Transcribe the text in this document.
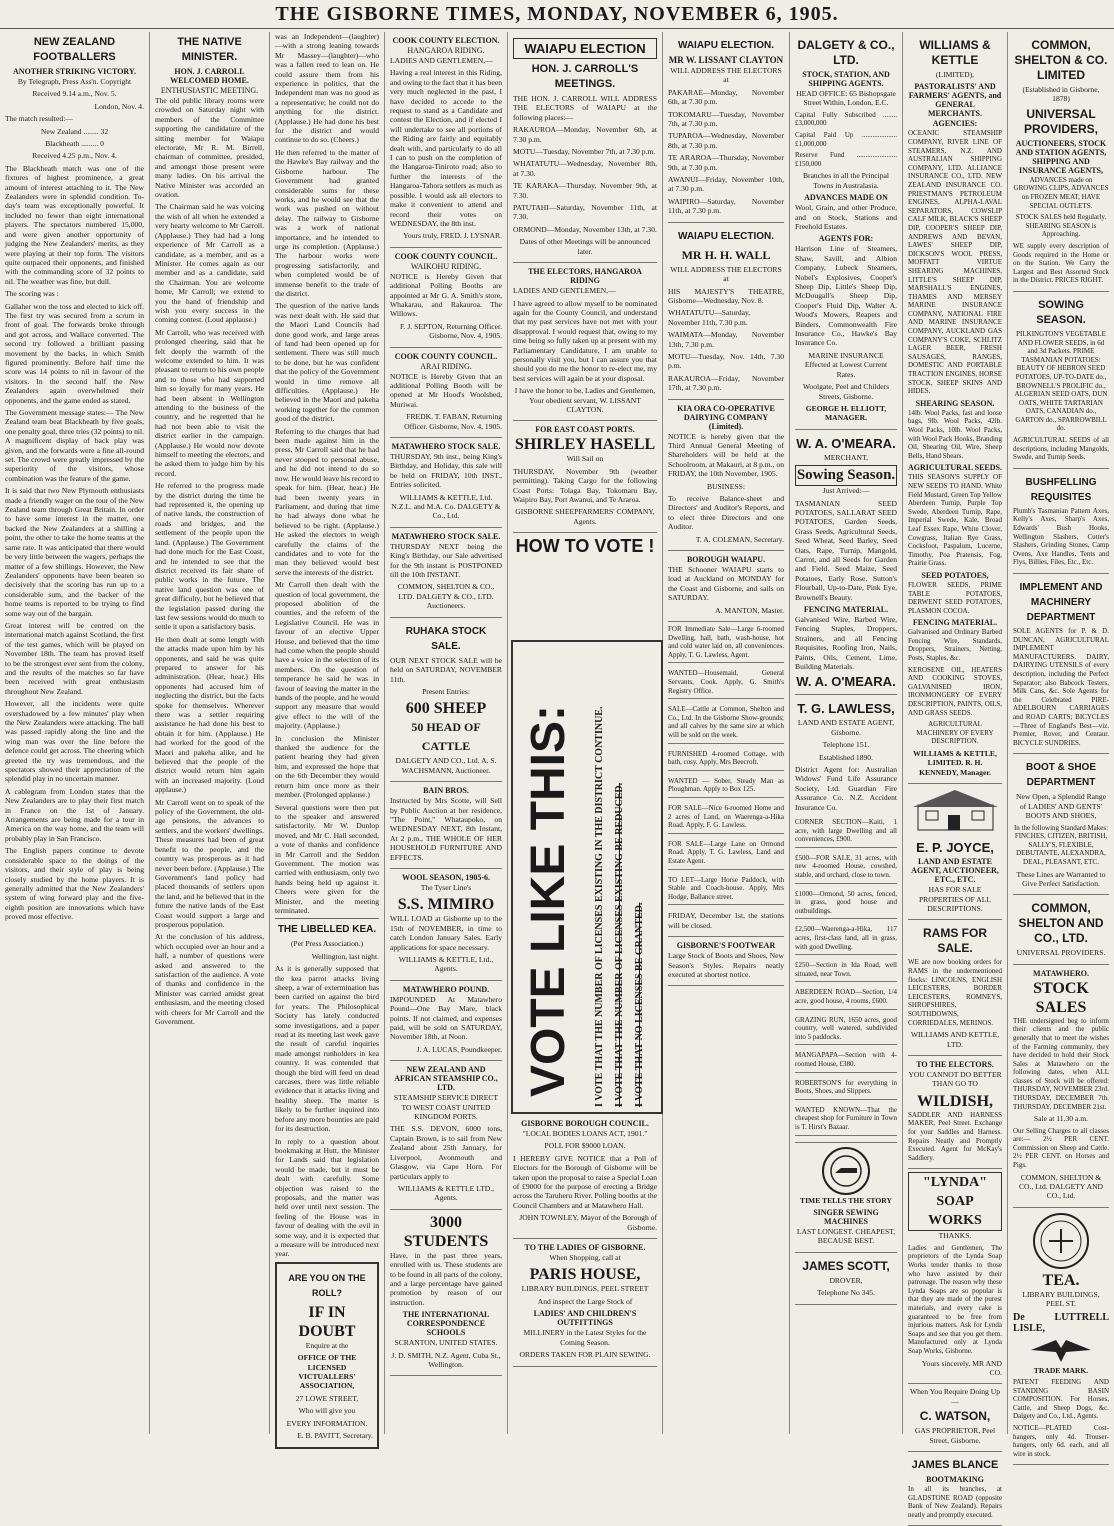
THE GISBORNE TIMES, MONDAY, NOVEMBER 6, 1905.
NEW ZEALAND FOOTBALLERS
ANOTHER STRIKING VICTORY.
By Telegraph, Press Ass'n. Copyright
Received 9.14 a.m., Nov. 5.
London, Nov. 4.
The match resulted:—
New Zealand ........ 32
Blackheath ......... 0
Received 4.25 p.m., Nov. 4.

The Blackheath match was one of the fixtures of highest prominence, a great amount of interest attaching to it. The New Zealanders were in splendid condition. To-day's team was exceptionally powerful. It included no fewer than eight international players. The spectators numbered 15,000, and were given another opportunity of judging the New Zealanders' merits, as they were playing at their top form. The visitors quite outpaced their opponents, and finished with the commanding score of 32 points to nil. The weather was fine, but dull.

The scoring was :

Gallaher won the toss and elected to kick off. The first try was secured from a scrum in front of goal. The forwards broke through and got across, and Wallace converted. The second try followed a brilliant passing movement by the backs, in which Smith figured prominently. Before half time the score was 14 points to nil in favour of the visitors. In the second half the New Zealanders again overwhelmed their opponents, and the game ended as stated.

The Government message states:— The New Zealand team beat Blackheath by five goals, one penalty goal, three tries (32 points) to nil. A magnificent display of back play was given, and the forwards were a fine all-round set. The crowd were greatly impressed by the superiority of the visitors, whose combination was the feature of the game.

It is said that two New Plymouth enthusiasts made a friendly wager on the tour of the New Zealand team through Great Britain. In order to have some interest in the matter, one backed the New Zealanders at a shilling a point, the other to take the home teams at the same rate. It was anticipated that there would be very little between the wagers, perhaps the matter of a few shillings. However, the New Zealanders' opponents have been beaten so decisively that the scoring has run up to a considerable sum, and the backer of the home teams is reported to be trying to find some way out of the bargain.

Great interest will be centred on the international match against Scotland, the first of the test games, which will be played on November 18th. The team has proved itself to be the strongest ever sent from the colony, and the results of the matches so far have been received with great enthusiasm throughout New Zealand.

However, all the incidents were quite overshadowed by a few minutes' play when the New Zealanders were attacking. The ball was passed rapidly along the line and the wing man was over the line before the defence could get across. The cheering which greeted the try was tremendous, and the spectators showed their appreciation of the splendid play in no uncertain manner.

A cablegram from London states that the New Zealanders are to play their first match in France on the 1st of January. Arrangements are being made for a tour in America on the way home, and the team will probably play in San Francisco.

The English papers continue to devote considerable space to the doings of the visitors, and their style of play is being closely studied by the home players. It is generally admitted that the New Zealanders' system of wing forward play and the five-eighth position are innovations which have proved most effective.

THE NATIVE MINISTER.
HON. J. CARROLL WELCOMED HOME.
ENTHUSIASTIC MEETING.

The old public library rooms were crowded on Saturday night with members of the Committee supporting the candidature of the sitting member for Waiapu electorate, Mr R. M. Birrell, chairman of committee, presided, and amongst those present were many ladies. On his arrival the Native Minister was accorded an ovation.

The Chairman said he was voicing the wish of all when he extended a very hearty welcome to Mr Carroll. (Applause.) They had had a long experience of Mr Carroll as a candidate, as a member, and as a Minister. He comes again as our member and as a candidate, said the Chairman. You are welcome home, Mr Carroll; we extend to you the hand of friendship and wish you every success in the coming contest. (Loud applause.)

Mr Carroll, who was received with prolonged cheering, said that he felt deeply the warmth of the welcome extended to him. It was pleasant to return to his own people and to those who had supported him so loyally for many years. He had been absent in Wellington attending to the business of the country, and he regretted that he had not been able to visit the district earlier in the campaign. (Applause.) He would now devote himself to meeting the electors, and he asked them to judge him by his record.

He referred to the progress made by the district during the time he had represented it, the opening up of native lands, the construction of roads and bridges, and the settlement of the people upon the land. (Applause.) The Government had done much for the East Coast, and he intended to see that the district received its fair share of public works in the future. The native land question was one of great difficulty, but he believed that the legislation passed during the last few sessions would do much to settle it upon a satisfactory basis.

He then dealt at some length with the attacks made upon him by his opponents, and said he was quite prepared to answer for his administration. (Hear, hear.) His opponents had accused him of neglecting the district, but the facts spoke for themselves. Wherever there was a settler requiring assistance he had done his best to obtain it for him. (Applause.) He had worked for the good of the Maori and pakeha alike, and he believed that the people of the district would return him again with an increased majority. (Loud applause.)

Mr Carroll went on to speak of the policy of the Government, the old-age pensions, the advances to settlers, and the workers' dwellings. These measures had been of great benefit to the people, and the country was prosperous as it had never been before. (Applause.) The Government's land policy had placed thousands of settlers upon the land, and he believed that in the future the native lands of the East Coast would support a large and prosperous population.

At the conclusion of his address, which occupied over an hour and a half, a number of questions were asked and answered to the satisfaction of the audience. A vote of thanks and confidence in the Minister was carried amidst great enthusiasm, and the meeting closed with cheers for Mr Carroll and the Government.

was an Independent—(laughter)—with a strong leaning towards Mr Massey—(laughter)—who was a fallen reed to lean on. He could assure them from his experience in politics, that the Independent man was no good as a representative; he could not do anything for the district. (Applause.) He had done his best for the district and would continue to do so. (Cheers.)

He then referred to the matter of the Hawke's Bay railway and the Gisborne harbour. The Government had granted considerable sums for these works, and he would see that the work was pushed on without delay. The railway to Gisborne was a work of national importance, and he intended to urge its completion. (Applause.) The harbour works were progressing satisfactorily, and when completed would be of immense benefit to the trade of the district.

The question of the native lands was next dealt with. He said that the Maori Land Councils had done good work, and large areas of land had been opened up for settlement. There was still much to be done, but he was confident that the policy of the Government would in time remove all difficulties. (Applause.) He believed in the Maori and pakeha working together for the common good of the district.

Referring to the charges that had been made against him in the press, Mr Carroll said that he had never stooped to personal abuse, and he did not intend to do so now. He would leave his record to speak for him. (Hear, hear.) He had been twenty years in Parliament, and during that time he had always done what he believed to be right. (Applause.) He asked the electors to weigh carefully the claims of the candidates and to vote for the man they believed would best serve the interests of the district.

Mr Carroll then dealt with the question of local government, the proposed abolition of the counties, and the reform of the Legislative Council. He was in favour of an elective Upper House, and believed that the time had come when the people should have a voice in the selection of its members. On the question of temperance he said he was in favour of leaving the matter in the hands of the people, and he would support any measure that would give effect to the will of the majority. (Applause.)

In conclusion the Minister thanked the audience for the patient hearing they had given him, and expressed the hope that on the 6th December they would return him once more as their member. (Prolonged applause.)

Several questions were then put to the speaker and answered satisfactorily. Mr W. Dunlop moved, and Mr C. Hall seconded, a vote of thanks and confidence in Mr Carroll and the Seddon Government. The motion was carried with enthusiasm, only two hands being held up against it. Cheers were given for the Minister, and the meeting terminated.

THE LIBELLED KEA.
(Per Press Association.)
Wellington, last night.

As it is generally supposed that the kea parrot attacks living sheep, a war of extermination has been carried on against the bird for years. The Philosophical Society has lately conducted some investigations, and a paper read at its meeting last week gave the result of careful inquiries made amongst runholders in kea country. It was contended that though the bird will feed on dead carcases, there was little reliable evidence that it attacks living and healthy sheep. The matter is likely to be further inquired into before any more bounties are paid for its destruction.

In reply to a question about bookmaking at Hutt, the Minister for Lands said that legislation would be made, but it must be dealt with carefully. Some objection was raised to the proposals, and the matter was held over until next session. The feeling of the House was in favour of dealing with the evil in some way, and it is expected that a measure will be introduced next year.

ARE YOU ON THE ROLL?
IF IN DOUBT
Enquire at the
OFFICE OF THE LICENSED VICTUALLERS' ASSOCIATION,
27 LOWE STREET,
Who will give you
EVERY INFORMATION.
E. B. PAVITT, Secretary.
COOK COUNTY ELECTION.
HANGAROA RIDING.
LADIES AND GENTLEMEN,—

Having a real interest in this Riding, and owing to the fact that it has been very much neglected in the past, I have decided to accede to the request to stand as a Candidate and contest the Election, and if elected I will undertake to see all portions of the Riding are fairly and equitably dealt with, and particularly to do all I can to push on the completion of the Hangaroa-Tiniroto road; also to further the interests of the Hangaroa-Tahora settlers as much as possible. I would ask all electors to make it convenient to attend and record their votes on WEDNESDAY, the 8th inst.

Yours truly, FRED. J. LYSNAR.
COOK COUNTY COUNCIL.
WAIKOHU RIDING.

NOTICE is Hereby Given that additional Polling Booths are appointed at Mr G. A. Smith's store, Whakarau, and Rakauroa. The Willows.

F. J. SEPTON, Returning Officer. Gisborne, Nov. 4, 1905.
COOK COUNTY COUNCIL.
ARAI RIDING.

NOTICE is Hereby Given that an additional Polling Booth will be opened at Mr Hood's Woolshed, Muriwai.

FREDK. T. FABAN, Returning Officer. Gisborne, Nov. 4, 1905.
MATAWHERO STOCK SALE.

THURSDAY, 9th inst., being King's Birthday, and Holiday, this sale will be held on FRIDAY, 10th INST., Entries solicited.

WILLIAMS & KETTLE, Ltd. N.Z.L. and M.A. Co. DALGETY & Co., Ltd.
MATAWHERO STOCK SALE.

THURSDAY NEXT being the King's Birthday, our Sale advertised for the 9th instant is POSTPONED till the 10th INSTANT.

COMMON, SHELTON & CO., LTD. DALGETY & CO., LTD. Auctioneers.
RUHAKA STOCK SALE.

OUR NEXT STOCK SALE will be held on SATURDAY, NOVEMBER 11th.

Present Entries:
600 SHEEP
50 HEAD OF CATTLE
DALGETY AND CO., Ltd. A. S. WACHSMANN, Auctioneer.
BAIN BROS.

Instructed by Mrs Scotte, will Sell by Public Auction at her residence, "The Point," Whataupoko, on WEDNESDAY NEXT, 8th Instant, At 2 p.m., THE WHOLE OF HER HOUSEHOLD FURNITURE AND EFFECTS.

WOOL SEASON, 1905-6.
The Tyser Line's
S.S. MIMIRO

WILL LOAD at Gisborne up to the 15th of NOVEMBER, in time to catch London January Sales. Early applications for space necessary.

WILLIAMS & KETTLE, Ltd., Agents.
MATAWHERO POUND.

IMPOUNDED At Matawhero Pound—One Bay Mare, black points. If not claimed, and expenses paid, will be sold on SATURDAY, November 18th, at Noon.

J. A. LUCAS, Poundkeeper.
NEW ZEALAND AND AFRICAN STEAMSHIP CO., LTD.
STEAMSHIP SERVICE DIRECT TO WEST COAST UNITED KINGDOM PORTS.

THE S.S. DEVON, 6000 tons, Captain Brown, is to sail from New Zealand about 25th January, for Liverpool, Avonmouth and Glasgow, via Cape Horn. For particulars apply to

WILLIAMS & KETTLE LTD., Agents.
3000 STUDENTS

Have, in the past three years, enrolled with us. These students are to be found in all parts of the colony, and a large percentage have gained promotion by reason of our instruction.

THE INTERNATIONAL CORRESPONDENCE SCHOOLS
SCRANTON, UNITED STATES.
J. D. SMITH, N.Z. Agent, Cuba St., Wellington.
WAIAPU ELECTION
HON. J. CARROLL'S MEETINGS.

THE HON. J. CARROLL WILL ADDRESS THE ELECTORS of WAIAPU at the following places:—

RAKAUROA—Monday, November 6th, at 7.30 p.m.
MOTU—Tuesday, November 7th, at 7.30 p.m.
WHATATUTU—Wednesday, November 8th, at 7.30.
TE KARAKA—Thursday, November 9th, at 7.30.
PATUTAHI—Saturday, November 11th, at 7.30.
ORMOND—Monday, November 13th, at 7.30.
Dates of other Meetings will be announced later.
THE ELECTORS, HANGAROA RIDING
LADIES AND GENTLEMEN,—

I have agreed to allow myself to be nominated again for the County Council, and understand that my past services have not met with your disapproval. I would request that, owing to my time being so fully taken up at present with my Parliamentary Candidature, I am unable to personally visit you, but I can assure you that should you do me the honor to re-elect me, my best services will again be at your disposal.

I have the honor to be, Ladies and Gentlemen, Your obedient servant, W. LISSANT CLAYTON.
FOR EAST COAST PORTS.
SHIRLEY HASELL
Will Sail on

THURSDAY, November 9th (weather permitting). Taking Cargo for the following Coast Ports: Tolaga Bay, Tokomaru Bay, Waipiro Bay, Port Awanui, and Te Araroa.

GISBORNE SHEEPFARMERS' COMPANY, Agents.
HOW TO VOTE !
VOTE LIKE THIS: I VOTE THAT THE NUMBER OF LICENSES EXISTING IN THE DISTRICT CONTINUE. I VOTE THAT THE NUMBER OF LICENSES EXISTING BE REDUCED. I VOTE THAT NO LICENSES BE GRANTED.
GISBORNE BOROUGH COUNCIL.
"LOCAL BODIES LOANS ACT, 1901."
POLL FOR $9000 LOAN.

I HEREBY GIVE NOTICE that a Poll of Electors for the Borough of Gisborne will be taken upon the proposal to raise a Special Loan of £9000 for the purpose of erecting a Bridge across the Taruheru River. Polling booths at the Council Chambers and at Matawhero Hall.

JOHN TOWNLEY, Mayor of the Borough of Gisborne.
TO THE LADIES OF GISBORNE.
When Shopping, call at
PARIS HOUSE,
LIBRARY BUILDINGS, PEEL STREET
And inspect the Large Stock of
LADIES' AND CHILDREN'S OUTFITTINGS
MILLINERY in the Latest Styles for the Coming Season.
ORDERS TAKEN FOR PLAIN SEWING.
WAIAPU ELECTION.
MR W. LISSANT CLAYTON
WILL ADDRESS THE ELECTORS at
PAKARAE—Monday, November 6th, at 7.30 p.m.
TOKOMARU—Tuesday, November 7th, at 7.30 p.m.
TUPAROA—Wednesday, November 8th, at 7.30 p.m.
TE ARAROA—Thursday, November 9th, at 7.30 p.m.
AWANUI—Friday, November 10th, at 7.30 p.m.
WAIPIRO—Saturday, November 11th, at 7.30 p.m.
WAIAPU ELECTION.
MR H. H. WALL
WILL ADDRESS THE ELECTORS at
HIS MAJESTY'S THEATRE, Gisborne—Wednesday, Nov. 8.
WHATATUTU—Saturday, November 11th, 7.30 p.m.
WAIMATA—Monday, November 13th, 7.30 p.m.
MOTU—Tuesday, Nov. 14th, 7.30 p.m.
RAKAUROA—Friday, November 17th, at 7.30 p.m.
KIA ORA CO-OPERATIVE DAIRYING COMPANY (Limited).

NOTICE is hereby given that the Third Annual General Meeting of Shareholders will be held at the Schoolroom, at Makauri, at 8 p.m., on FRIDAY, the 10th November, 1905.

BUSINESS:

To receive Balance-sheet and Directors' and Auditor's Reports, and to elect three Directors and one Auditor.

T. A. COLEMAN, Secretary.
BOROUGH WAIAPU.

THE Schooner WAIAPU starts to load at Auckland on MONDAY for the Coast and Gisborne, and sails on SATURDAY.

A. MANTON, Master.

FOR Immediate Sale—Large 6-roomed Dwelling, hall, bath, wash-house, hot and cold water laid on, all conveniences. Apply, T. G. Lawless, Agent.

WANTED—Housemaid, General Servants, Cook. Apply, G. Smith's Registry Office.

SALE—Cattle at Common, Shelton and Co., Ltd. In the Gisborne Show-grounds; and all calves by the same sire at which will be sold on the week.

FURNISHED 4-roomed Cottage, with bath, cosy. Apply, Mrs Beecroft.

WANTED — Sober, Steady Man as Ploughman. Apply to Box 125.

FOR SALE—Nice 6-roomed Home and 2 acres of Land, on Waerenga-a-Hika Road. Apply, F. G. Lawless.

FOR SALE—Large Lane on Ormond Road. Apply, T. G. Lawless, Land and Estate Agent.

TO LET—Large Horse Paddock, with Stable and Coach-house. Apply, Mrs Hodge, Ballance street.

FRIDAY, December 1st, the stations will be closed.

GISBORNE'S FOOTWEAR

Large Stock of Boots and Shoes, New Season's Styles. Repairs neatly executed at shortest notice.

DALGETY & CO., LTD.
STOCK, STATION, AND SHIPPING AGENTS.
HEAD OFFICE: 65 Bishopsgate Street Within, London, E.C.
Capital Fully Subscribed ........ £3,000,000
Capital Paid Up .................... £1,000,000
Reserve Fund ....................... £150,000
Branches in all the Principal Towns in Australasia.
ADVANCES MADE ON

Wool, Grain, and other Produce, and on Stock, Stations and Freehold Estates.

AGENTS FOR:

Harrison Line of Steamers, Shaw, Savill, and Albion Company, Lubeck Steamers, Nobel's Explosives, Cooper's Sheep Dip, Little's Sheep Dip, McDougall's Sheep Dip, Cooper's Fluid Dip, Walter A. Wood's Mowers, Reapers and Binders, Commonwealth Fire Insurance Co., Hawke's Bay Insurance Co.

MARINE INSURANCE Effected at Lowest Current Rates.
Woolgate, Peel and Childers Streets, Gisborne.
GEORGE H. ELLIOTT, MANAGER.
W. A. O'MEARA.
MERCHANT,
Sowing Season.
Just Arrived:—

TASMANIAN SEED POTATOES, SALLARAT SEED POTATOES, Garden Seeds, Grass Seeds, Agricultural Seeds, Seed Wheat, Seed Barley, Seed Oats, Rape, Turnip, Mangold, Carrot, and all Seeds for Garden and Field. Seed Maize, Seed Potatoes, Early Rose, Sutton's Flourball, Up-to-Date, Pink Eye, Brownell's Beauty.

FENCING MATERIAL.

Galvanised Wire, Barbed Wire, Fencing Staples, Droppers, Strainers, and all Fencing Requisites, Roofing Iron, Nails, Paints, Oils, Cement, Lime, Building Materials.

W. A. O'MEARA.
T. G. LAWLESS,
LAND AND ESTATE AGENT, Gisborne.
Telephone 151.
Established 1890.

District Agent for: Australian Widows' Fund Life Assurance Society, Ltd. Guardian Fire Assurance Co. N.Z. Accident Insurance Co.

CORNER SECTION—Kaiti, 1 acre, with large Dwelling and all conveniences, £900.

£500—FOR SALE, 31 acres, with new 4-roomed House, cowshed, stable, and orchard, close to town.

£1000—Ormond, 50 acres, fenced, in grass, good house and outbuildings.

£2,500—Waerenga-a-Hika, 117 acres, first-class land, all in grass, with good Dwelling.

£250—Section in Ida Road, well situated, near Town.

ABERDEEN ROAD—Section, 1/4 acre, good house, 4 rooms, £600.

GRAZING RUN, 1650 acres, good country, well watered, subdivided into 5 paddocks.

MANGAPAPA—Section with 4-roomed House, £380.

ROBERTSON'S for everything in Boots, Shoes, and Slippers.

WANTED KNOWN—That the cheapest shop for Furniture in Town is T. Hirst's Bazaar.

TIME TELLS THE STORY
SINGER SEWING MACHINES
LAST LONGEST. CHEAPEST, BECAUSE BEST.
JAMES SCOTT,
DROVER,
Telephone No 345.
WILLIAMS & KETTLE
(LIMITED),
PASTORALISTS' AND FARMERS' AGENTS, and GENERAL MERCHANTS.
AGENCIES:

OCEANIC STEAMSHIP COMPANY, RIVER LINE OF STEAMERS, N.Z. AND AUSTRALIAN SHIPPING COMPANY, LTD. ALLIANCE INSURANCE CO., LTD. NEW ZEALAND INSURANCE CO. PRIESTMAN'S PETROLEUM ENGINES, ALPHA-LAVAL SEPARATORS, COWSLIP CALF MILK, BLACK'S SHEEP DIP, COOPER'S SHEEP DIP, ANDREWS AND BEVAN, LAWES' SHEEP DIP, DICKSON'S WOOL PRESS, MOFFATT VIRTUE SHEARING MACHINES, LITTLE'S SHEEP DIP, MARSHALL'S ENGINES, THAMES AND MERSEY MARINE INSURANCE COMPANY, NATIONAL FIRE AND MARINE INSURANCE COMPANY, AUCKLAND GAS COMPANY'S COKE, SCHLITZ LAGER BEER, FRESH SAUSAGES, RANGES, DOMESTIC AND PORTABLE TRACTION ENGINES, HORSE STOCK, SHEEP SKINS AND HIDES.

SHEARING SEASON.

14lb. Wool Packs, fast and loose bags, 9lb. Wool Packs, 42lb. Wool Packs, 10lb. Wool Packs, with Wool Pack Hooks, Branding Oil, Shearing Oil, Wire, Sheep Bells, Hand Shears.

AGRICULTURAL SEEDS.

THIS SEASON'S SUPPLY OF NEW SEEDS TO HAND. White Field Mustard, Green Top Yellow Aberdeen Turnip, Purple Top Swede, Aberdeen Turnip, Rape, Imperial Swede, Kale, Broad Leaf Essex Rape, White Clover, Cowgrass, Italian Rye Grass, Cocksfoot, Paspalum, Lucerne, Timothy, Poa Pratensis, Fog, Prairie Grass.

SEED POTATOES,

FLOWER SEEDS, PRIME TABLE POTATOES, DERWENT SEED POTATOES, PLASMON COCOA.

FENCING MATERIAL.

Galvanised and Ordinary Barbed Fencing Wire, Standards, Droppers, Strainers, Netting, Posts, Staples, &c.

KEROSENE OIL, HEATERS AND COOKING STOVES, GALVANISED IRON, IRONMONGERY OF EVERY DESCRIPTION, PAINTS, OILS, AND GRASS SEEDS.

AGRICULTURAL MACHINERY OF EVERY DESCRIPTION.

WILLIAMS & KETTLE, LIMITED. R. H. KENNEDY, Manager.
E. P. JOYCE,
LAND AND ESTATE AGENT, AUCTIONEER, ETC., ETC.
HAS FOR SALE PROPERTIES OF ALL DESCRIPTIONS.
RAMS FOR SALE.

WE are now booking orders for RAMS in the undermentioned flocks: LINCOLNS, ENGLISH LEICESTERS, BORDER LEICESTERS, ROMNEYS, SHROPSHIRES, SOUTHDOWNS, CORRIEDALES, MERINOS.

WILLIAMS AND KETTLE, LTD.
TO THE ELECTORS.
YOU CANNOT DO BETTER THAN GO TO
WILDISH,

SADDLER AND HARNESS MAKER, Peel Street. Exchange for your Saddles and Harness. Repairs Neatly and Promptly Executed. Agent for McKay's Saddlery.

"LYNDA" SOAP WORKS
THANKS.

Ladies and Gentlemen, The proprietors of the Lynda Soap Works tender thanks to those who have assisted by their patronage. The reason why these Lynda Soaps are so popular is that they are made of the purest materials, and every cake is guaranteed to be free from injurious matters. Ask for Lynda Soaps and see that you get them. Manufactured only at Lynda Soap Works, Gisborne.

Yours sincerely, MR AND CO.
When You Require Doing Up—
C. WATSON,
GAS PROPRIETOR, Peel Street, Gisborne.
JAMES BLANCE
BOOTMAKING

In all its branches, at GLADSTONE ROAD (opposite Bank of New Zealand). Repairs neatly and promptly executed.

COMMON, SHELTON & CO. LIMITED
(Established in Gisborne, 1878)
UNIVERSAL PROVIDERS,
AUCTIONEERS, STOCK AND STATION AGENTS, SHIPPING AND INSURANCE AGENTS,

ADVANCES made on GROWING CLIPS, ADVANCES on FROZEN MEAT, HAVE SPECIAL OUTLETS.

STOCK SALES held Regularly. SHEARING SEASON is Approaching.

WE supply every description of Goods required in the Home or on the Station. We Carry the Largest and Best Assorted Stock in the District. PRICES RIGHT.

SOWING SEASON.

PILKINGTON'S VEGETABLE AND FLOWER SEEDS, in 6d and 3d Packets. PRIME TASMANIAN POTATOES: BEAUTY OF HEBRON SEED POTATOES, UP-TO-DATE do., BROWNELL'S PROLIFIC do., ALGERIAN SEED OATS, DUN OATS, WHITE TARTARIAN OATS, CANADIAN do., GARTON do., SPARROWBILL do.

AGRICULTURAL SEEDS of all descriptions, including Mangolds, Swede, and Turnip Seeds.

BUSHFELLING REQUISITES

Plumb's Tasmanian Pattern Axes, Kelly's Axes, Sharp's Axes, Edwards' Bush Hooks, Wellington Slashers, Cutter's Slashers, Grinding Stones, Camp Ovens, Axe Handles, Tents and Flys, Billies, Files, Etc., Etc.

IMPLEMENT AND MACHINERY DEPARTMENT

SOLE AGENTS for P. & D. DUNCAN, AGRICULTURAL IMPLEMENT MANUFACTURERS. DAIRY, DAIRYING UTENSILS of every description, including the Perfect Separator; also Babcock Testers, Milk Cans, &c. Sole Agents for the Celebrated PIRE-ADELBOURN CARRIAGES and ROAD CARTS; BICYCLES—Three of England's Best—viz. Premier, Rover, and Centaur. BICYCLE SUNDRIES.

BOOT & SHOE DEPARTMENT
New Open, a Splendid Range of LADIES' AND GENTS' BOOTS AND SHOES,

In the following Standard Makes: FINCHES, CITIZEN, BRITISH, SALLY'S, FLEXIBLE, DEBUTANTE, ALEXANDRA, DEAL, PLEASANT, ETC.

These Lines are Warranted to Give Perfect Satisfaction.
COMMON, SHELTON AND CO., LTD.
UNIVERSAL PROVIDERS.
MATAWHERO.
STOCK SALES

THE undersigned beg to inform their clients and the public generally that to meet the wishes of the Farming community, they have decided to hold their Stock Sales at Matawhero on the following dates, when ALL classes of Stock will be offered: THURSDAY, NOVEMBER 23rd. THURSDAY, DECEMBER 7th. THURSDAY, DECEMBER 21st.

Sale at 11.30 a.m.

Our Selling Charges to all classes are:— 2½ PER CENT. Commission on Sheep and Cattle. 2½ PER CENT. on Horses and Pigs.

COMMON, SHELTON & CO., Ltd. DALGETY AND CO., Ltd.
TEA.
LIBRARY BUILDINGS, PEEL ST.
De LISLE,
LUTTRELL
TRADE MARK.

PATENT FEEDING AND STANDING BASIN COMPOSITION. For Horses, Cattle, and Sheep Dogs, &c. Dalgety and Co., Ltd., Agents.

NOTICE—PLATED Cost-hangers, only 4d. Trouser-hangers, only 6d. each, and all wire in stock.
